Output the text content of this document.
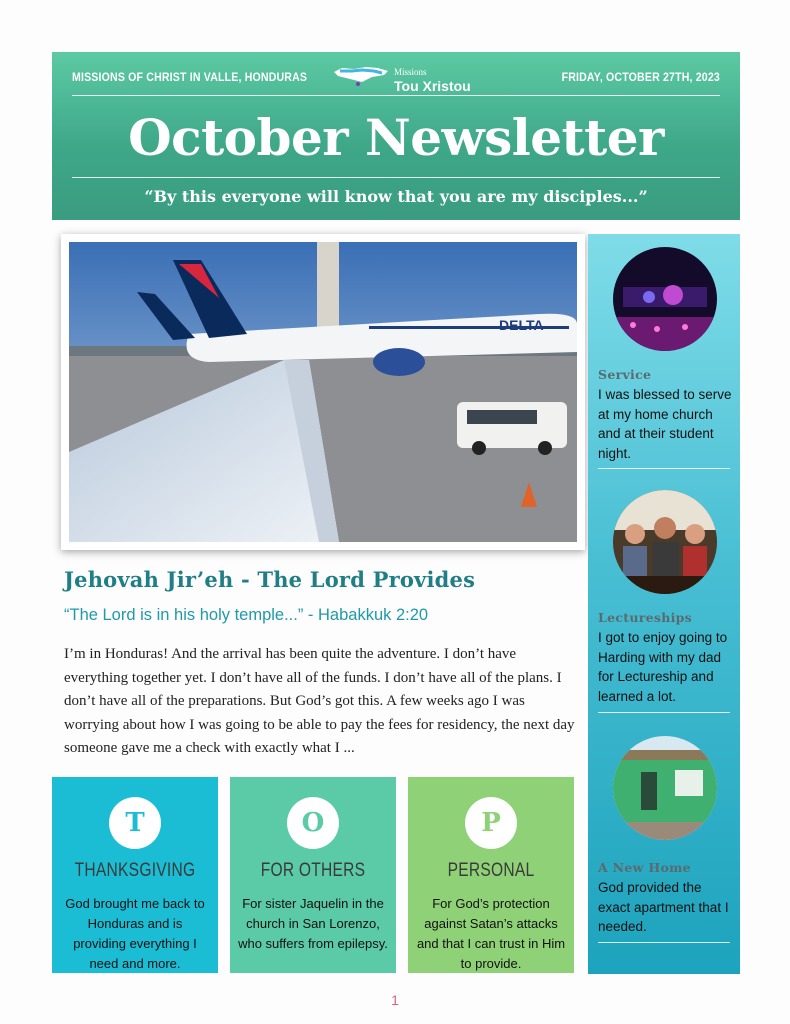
MISSIONS OF CHRIST IN VALLE, HONDURAS	Missions
Tou Xristou
FRIDAY, OCTOBER 27TH, 2023
October Newsletter
“By this everyone will know that you are my disciples...”
DELTA
Jehovah Jir’eh - The Lord Provides
“The Lord is in his holy temple...” - Habakkuk 2:20
I’m in Honduras! And the arrival has been quite the adventure. I don’t have everything together yet. I don’t have all of the funds. I don’t have all of the plans. I don’t have all of the preparations. But God’s got this. A few weeks ago I was worrying about how I was going to be able to pay the fees for residency, the next day someone gave me a check with exactly what I ...
T
THANKSGIVING
God brought me back to Honduras and is providing everything I need and more.
O
FOR OTHERS
For sister Jaquelin in the church in San Lorenzo, who suffers from epilepsy.
P
PERSONAL
For God’s protection against Satan’s attacks and that I can trust in Him to provide.
Service
I was blessed to serve at my home church and at their student night.
Lectureships
I got to enjoy going to Harding with my dad for Lectureship and learned a lot.
A New Home
God provided the exact apartment that I needed.
1
